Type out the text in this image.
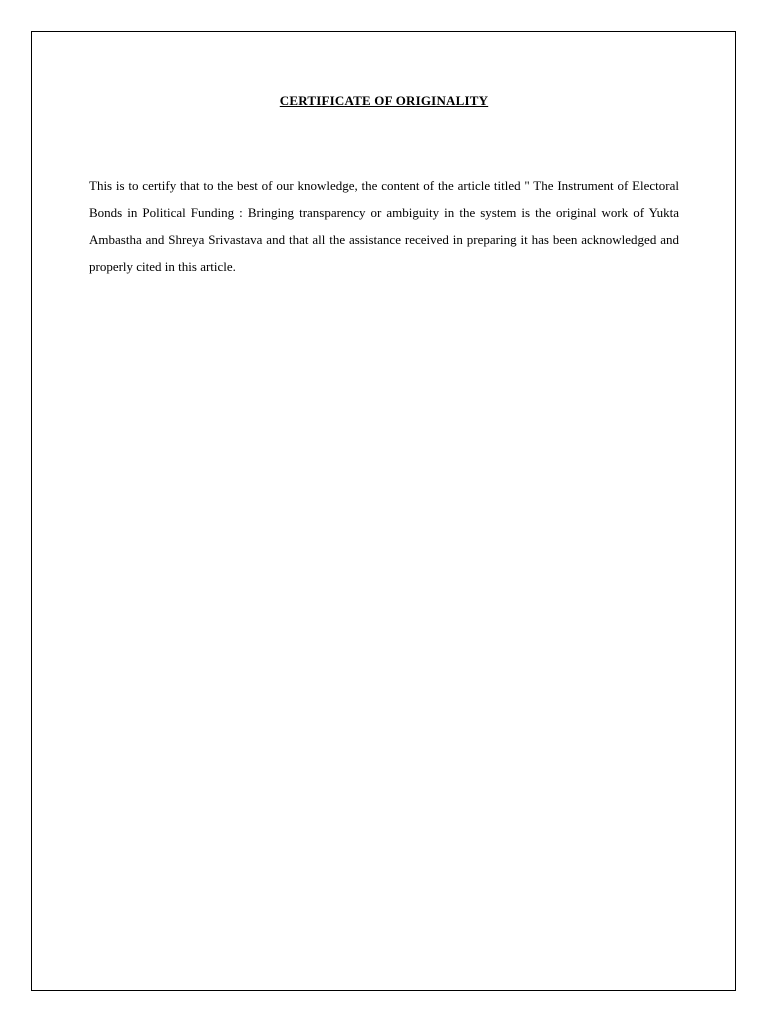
CERTIFICATE OF ORIGINALITY

This is to certify that to the best of our knowledge, the content of the article titled " The Instrument of Electoral Bonds in Political Funding : Bringing transparency or ambiguity in the system is the original work of Yukta Ambastha and Shreya Srivastava and that all the assistance received in preparing it has been acknowledged and properly cited in this article.
